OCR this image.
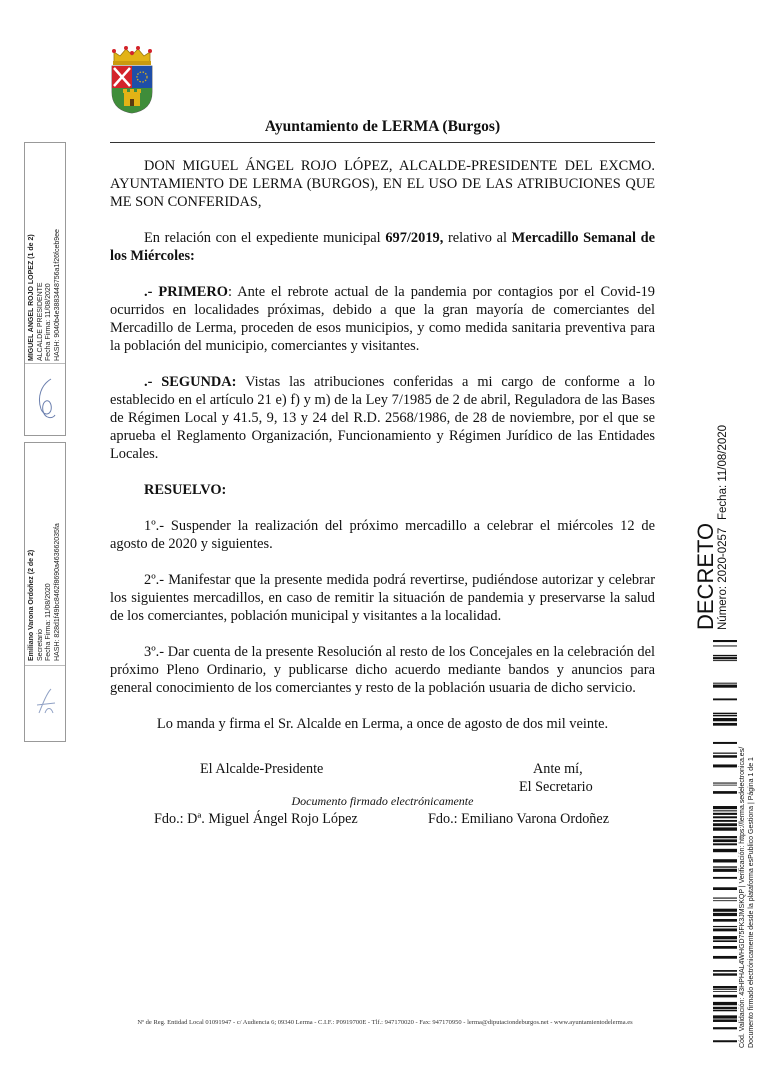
Ayuntamiento de LERMA (Burgos)

DON MIGUEL ÁNGEL ROJO LÓPEZ, ALCALDE-PRESIDENTE DEL EXCMO. AYUNTAMIENTO DE LERMA (BURGOS), EN EL USO DE LAS ATRIBUCIONES QUE ME SON CONFERIDAS,

En relación con el expediente municipal 697/2019, relativo al Mercadillo Semanal de los Miércoles:

.- PRIMERO: Ante el rebrote actual de la pandemia por contagios por el Covid-19 ocurridos en localidades próximas, debido a que la gran mayoría de comerciantes del Mercadillo de Lerma, proceden de esos municipios, y como medida sanitaria preventiva para la población del municipio, comerciantes y visitantes.

.- SEGUNDA: Vistas las atribuciones conferidas a mi cargo de conforme a lo establecido en el artículo 21 e) f) y m) de la Ley 7/1985 de 2 de abril, Reguladora de las Bases de Régimen Local y 41.5, 9, 13 y 24 del R.D. 2568/1986, de 28 de noviembre, por el que se aprueba el Reglamento Organización, Funcionamiento y Régimen Jurídico de las Entidades Locales.

RESUELVO:

1º.- Suspender la realización del próximo mercadillo a celebrar el miércoles 12 de agosto de 2020 y siguientes.

2º.- Manifestar que la presente medida podrá revertirse, pudiéndose autorizar y celebrar los siguientes mercadillos, en caso de remitir la situación de pandemia y preservarse la salud de los comerciantes, población municipal y visitantes a la localidad.

3º.- Dar cuenta de la presente Resolución al resto de los Concejales en la celebración del próximo Pleno Ordinario, y publicarse dicho acuerdo mediante bandos y anuncios para general conocimiento de los comerciantes y resto de la población usuaria de dicho servicio.

Lo manda y firma el Sr. Alcalde en Lerma, a once de agosto de dos mil veinte.

El Alcalde-Presidente	Ante mí,
El Secretario
Documento firmado electrónicamente
Fdo.: Dª. Miguel Ángel Rojo López	Fdo.: Emiliano Varona Ordoñez
Nº de Reg. Entidad Local 01091947 - c/ Audiencia 6; 09340 Lerma - C.I.F.: P0919700E - Tlf.: 947170020 - Fax: 947170950 - lerma@diputaciondeburgos.net - www.ayuntamientodelerma.es
MIGUEL ANGEL ROJO LOPEZ (1 de 2) ALCALDE PRESIDENTE Fecha Firma: 11/08/2020 HASH: 9040b4e3883448756a1f26fceb9ee
Emiliano Varona Ordoñez (2 de 2) Secretario Fecha Firma: 11/08/2020 HASH: 828d1f49bc8462f8690a463662035fa	DECRETO Número: 2020-0257
Fecha: 11/08/2020
Cód. Validación: 43HPHAL4WHGD75FK3JMSKQP | Verificación: https://lerma.sedelectronica.es/ Documento firmado electrónicamente desde la plataforma esPublico Gestiona | Página 1 de 1
